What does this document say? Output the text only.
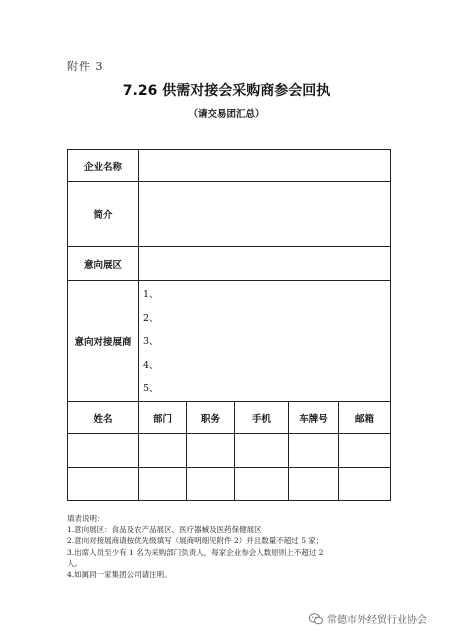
附件 3
7.26 供需对接会采购商参会回执
（请交易团汇总）
企业名称					
简介					
意向展区					
意向对接展商	1、
2、
3、
4、
5、				

姓名	部门	职务	手机	车牌号	邮箱

填表说明：
1.意向展区：食品及农产品展区、医疗器械及医药保健展区
2.意向对接展商请按优先级填写（展商明细见附件 2）并且数量不超过 5 家；
3.出席人员至少有 1 名为采购部门负责人，每家企业参会人数原则上不超过 2
人。
4.如属同一家集团公司请注明。
常德市外经贸行业协会
